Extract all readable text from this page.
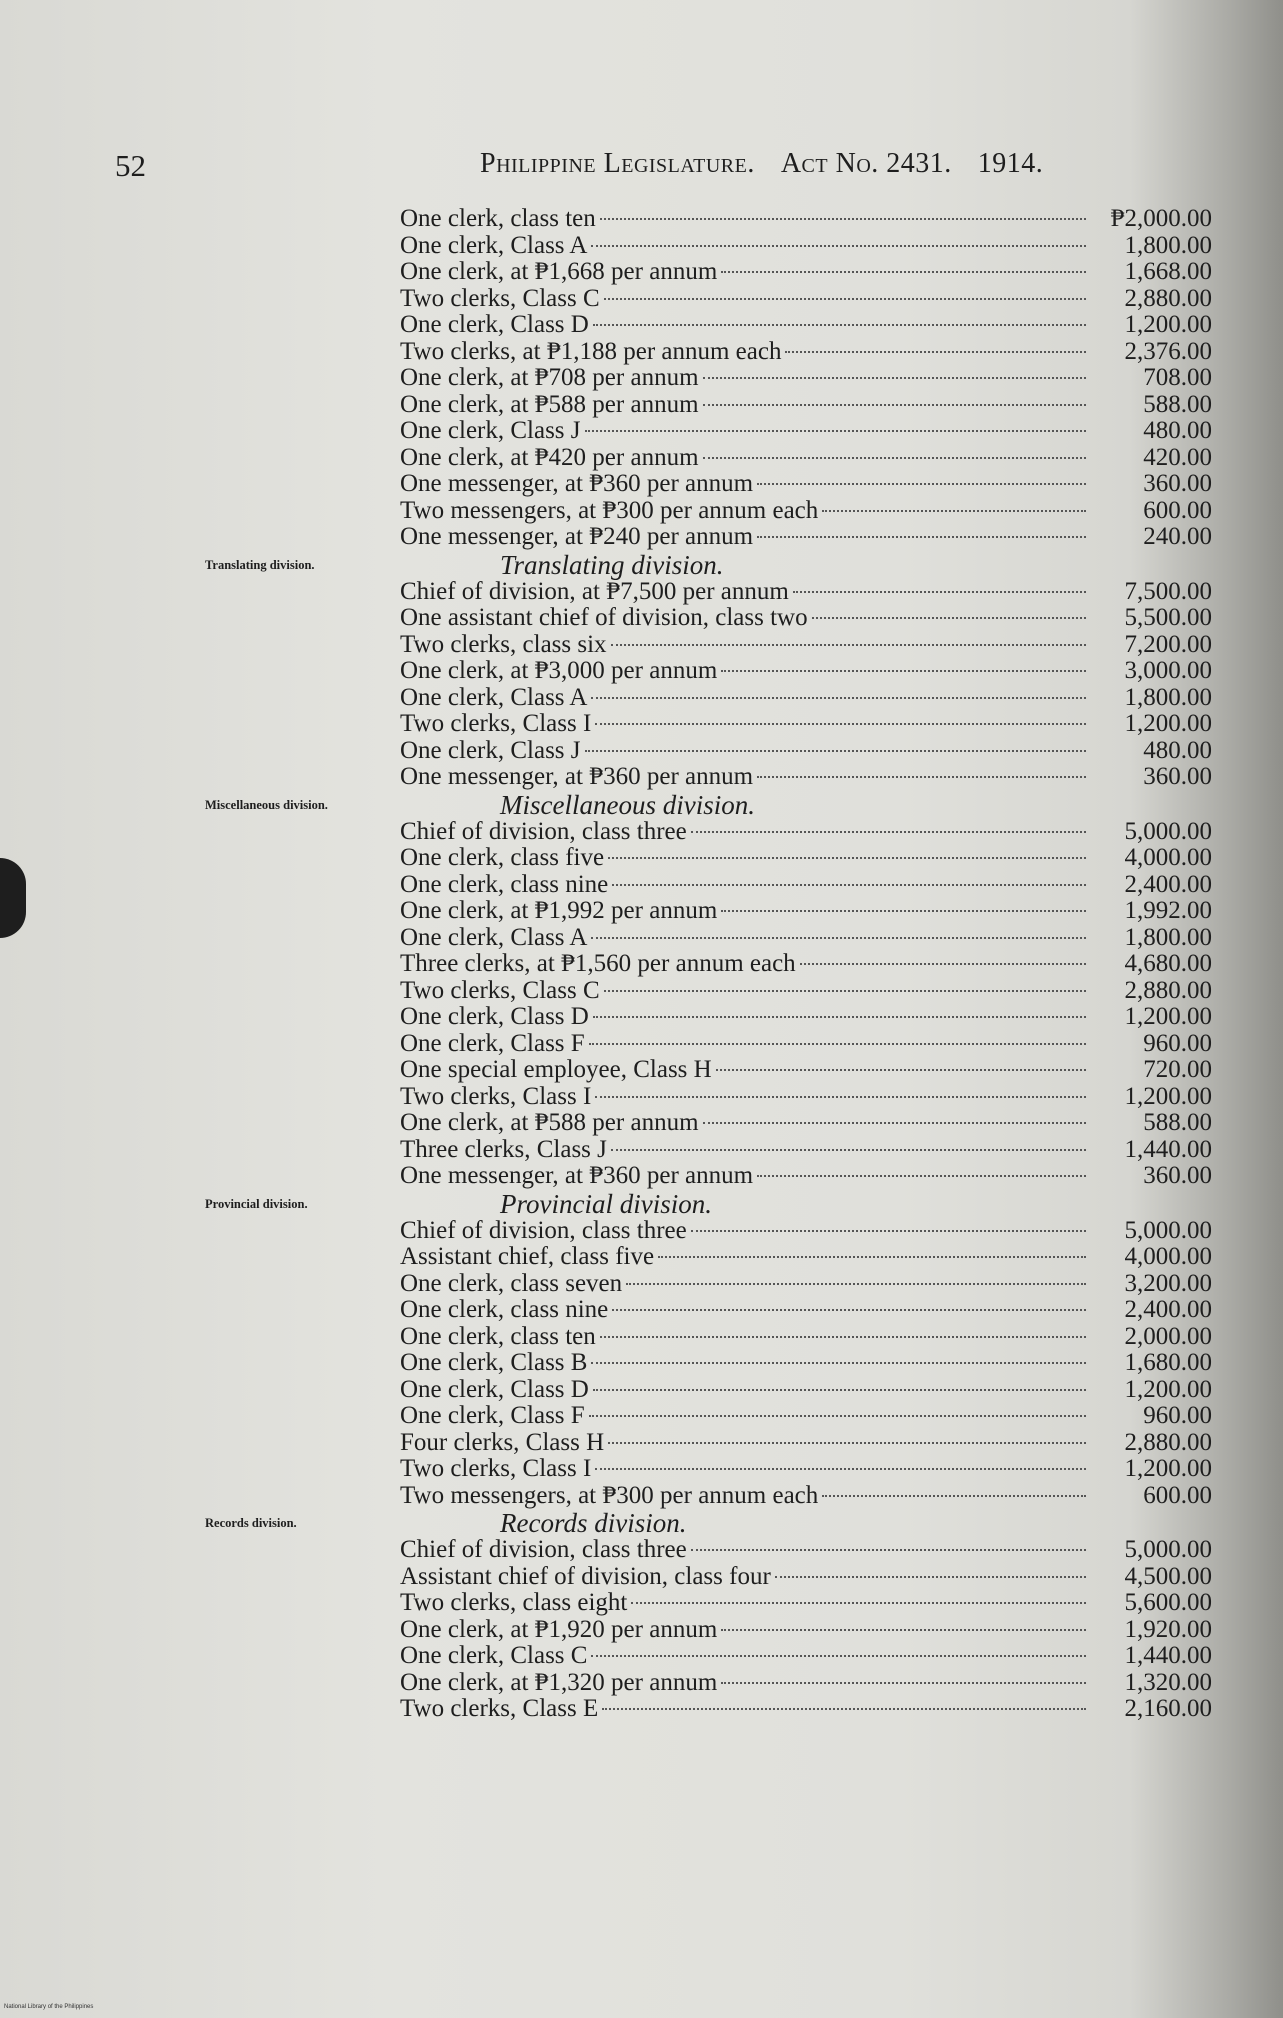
52	Philippine Legislature. Act No. 2431. 1914.
One clerk, class ten	₱2,000.00
One clerk, Class A	1,800.00
One clerk, at ₱1,668 per annum	1,668.00
Two clerks, Class C	2,880.00
One clerk, Class D	1,200.00
Two clerks, at ₱1,188 per annum each	2,376.00
One clerk, at ₱708 per annum	708.00
One clerk, at ₱588 per annum	588.00
One clerk, Class J	480.00
One clerk, at ₱420 per annum	420.00
One messenger, at ₱360 per annum	360.00
Two messengers, at ₱300 per annum each	600.00
One messenger, at ₱240 per annum	240.00
Translating division.	Translating division.
Chief of division, at ₱7,500 per annum	7,500.00
One assistant chief of division, class two	5,500.00
Two clerks, class six	7,200.00
One clerk, at ₱3,000 per annum	3,000.00
One clerk, Class A	1,800.00
Two clerks, Class I	1,200.00
One clerk, Class J	480.00
One messenger, at ₱360 per annum	360.00
Miscellaneous division.	Miscellaneous division.
Chief of division, class three	5,000.00
One clerk, class five	4,000.00
One clerk, class nine	2,400.00
One clerk, at ₱1,992 per annum	1,992.00
One clerk, Class A	1,800.00
Three clerks, at ₱1,560 per annum each	4,680.00
Two clerks, Class C	2,880.00
One clerk, Class D	1,200.00
One clerk, Class F	960.00
One special employee, Class H	720.00
Two clerks, Class I	1,200.00
One clerk, at ₱588 per annum	588.00
Three clerks, Class J	1,440.00
One messenger, at ₱360 per annum	360.00
Provincial division.	Provincial division.
Chief of division, class three	5,000.00
Assistant chief, class five	4,000.00
One clerk, class seven	3,200.00
One clerk, class nine	2,400.00
One clerk, class ten	2,000.00
One clerk, Class B	1,680.00
One clerk, Class D	1,200.00
One clerk, Class F	960.00
Four clerks, Class H	2,880.00
Two clerks, Class I	1,200.00
Two messengers, at ₱300 per annum each	600.00
Records division.	Records division.
Chief of division, class three	5,000.00
Assistant chief of division, class four	4,500.00
Two clerks, class eight	5,600.00
One clerk, at ₱1,920 per annum	1,920.00
One clerk, Class C	1,440.00
One clerk, at ₱1,320 per annum	1,320.00
Two clerks, Class E	2,160.00
National Library of the Philippines
